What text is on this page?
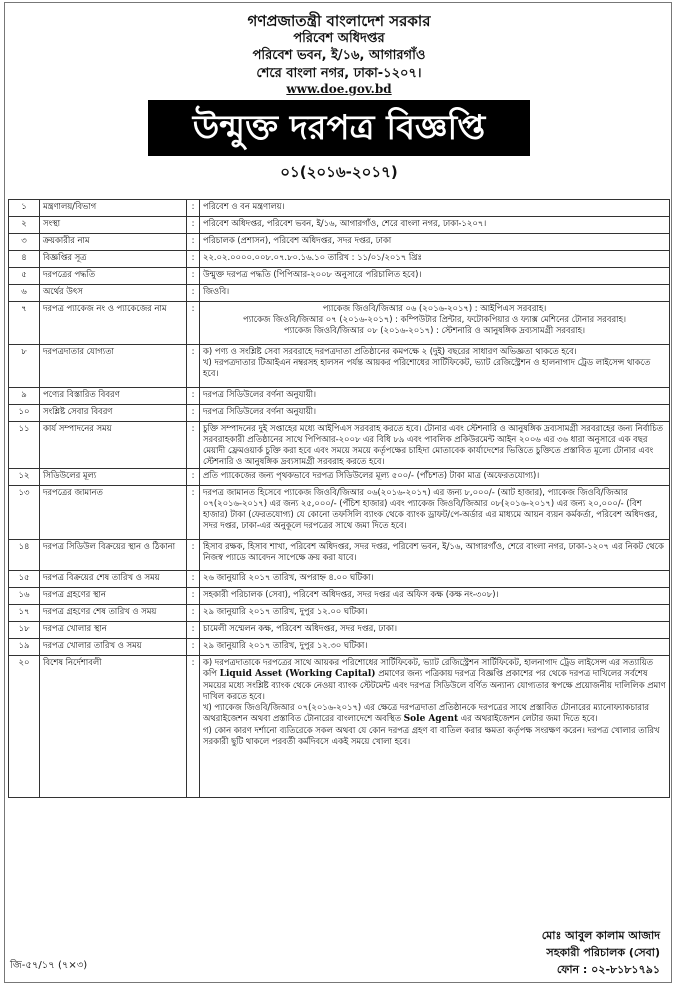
গণপ্রজাতন্ত্রী বাংলাদেশ সরকার
পরিবেশ অধিদপ্তর
পরিবেশ ভবন, ই/১৬, আগারগাঁও
শেরে বাংলা নগর, ঢাকা-১২০৭।
www.doe.gov.bd
উন্মুক্ত দরপত্র বিজ্ঞপ্তি
০১(২০১৬-২০১৭)
১	মন্ত্রণালয়/বিভাগ	:	পরিবেশ ও বন মন্ত্রণালয়।

২	সংস্থা	:	পরিবেশ অধিদপ্তর, পরিবেশ ভবন, ই/১৬, আগারগাঁও, শেরে বাংলা নগর, ঢাকা-১২০৭।

৩	ক্রয়কারীর নাম	:	পরিচালক (প্রশাসন), পরিবেশ অধিদপ্তর, সদর দপ্তর, ঢাকা

৪	বিজ্ঞপ্তির সূত্র	:	২২.০২.০০০০.০০৮.০৭.৮০.১৬.১০ তারিখ : ১১/০১/২০১৭ খ্রিঃ

৫	দরপত্রের পদ্ধতি	:	উন্মুক্ত দরপত্র পদ্ধতি (পিপিআর-২০০৮ অনুসারে পরিচালিত হবে)।

৬	অর্থের উৎস	:	জিওবি।

৭	দরপত্র প্যাকেজ নং ও প্যাকেজের নাম	:	প্যাকেজ জিওবি/জিআর ০৬ (২০১৬-২০১৭) : আইপিএস সরবরাহ।

প্যাকেজ জিওবি/জিআর ০৭ (২০১৬-২০১৭) : কম্পিউটার প্রিন্টার, ফটোকপিয়ার ও ফ্যাক্স মেশিনের টোনার সরবরাহ।

প্যাকেজ জিওবি/জিআর ০৮ (২০১৬-২০১৭) : স্টেশনারি ও আনুষঙ্গিক দ্রব্যসামগ্রী সরবরাহ।

৮	দরপত্রদাতার যোগ্যতা	:	ক) পণ্য ও সংশ্লিষ্ট সেবা সরবরাহে দরপত্রদাতা প্রতিষ্ঠানের কমপক্ষে ২ (দুই) বছরের সাধারণ অভিজ্ঞতা থাকতে হবে।

খ) দরপত্রদাতার টিআইএন নম্বরসহ হালসন পর্যন্ত আয়কর পরিশোধের সার্টিফিকেট, ভ্যাট রেজিস্ট্রেশন ও হালনাগাদ ট্রেড লাইসেন্স থাকতে হবে।

৯	পণ্যের বিস্তারিত বিবরণ	:	দরপত্র সিডিউলের বর্ণনা অনুযায়ী।

১০	সংশ্লিষ্ট সেবার বিবরণ	:	দরপত্র সিডিউলের বর্ণনা অনুযায়ী।

১১	কার্য সম্পাদনের সময়	:	চুক্তি সম্পাদনের দুই সপ্তাহের মধ্যে আইপিএস সরবরাহ করতে হবে। টোনার এবং স্টেশনারি ও আনুষঙ্গিক দ্রব্যসামগ্রী সরবরাহের জন্য নির্বাচিত সরবরাহকারী প্রতিষ্ঠানের সাথে পিপিআর-২০০৮ এর বিধি ৮৯ এবং পাবলিক প্রকিউরমেন্ট আইন ২০০৬ এর ৩৬ ধারা অনুসারে এক বছর মেয়াদী ফ্রেমওয়ার্ক চুক্তি করা হবে এবং সময়ে সময়ে কর্তৃপক্ষের চাহিদা মোতাবেক কার্যাদেশের ভিত্তিতে চুক্তিতে প্রস্তাবিত মূল্যে টোনার এবং স্টেশনারি ও আনুষঙ্গিক দ্রব্যসামগ্রী সরবরাহ করতে হবে।

১২	সিডিউলের মূল্য	:	প্রতি প্যাকেজের জন্য পৃথকভাবে দরপত্র সিডিউলের মূল্য ৫০০/- (পাঁচশত) টাকা মাত্র (অফেরতযোগ্য)।

১৩	দরপত্রের জামানত	:	দরপত্র জামানত হিসেবে প্যাকেজ জিওবি/জিআর ০৬(২০১৬-২০১৭) এর জন্য ৮,০০০/- (আট হাজার), প্যাকেজ জিওবি/জিআর ০৭(২০১৬-২০১৭) এর জন্য ২৫,০০০/- (পঁচিশ হাজার) এবং প্যাকেজ জিওবি/জিআর ০৮(২০১৬-২০১৭) এর জন্য ২০,০০০/- (বিশ হাজার) টাকা (ফেরতযোগ্য) যে কোনো তফসিলি ব্যাংক থেকে ব্যাংক ড্রাফট/পে-অর্ডার এর মাধ্যমে আয়ন ব্যয়ন কর্মকর্তা, পরিবেশ অধিদপ্তর, সদর দপ্তর, ঢাকা-এর অনুকূলে দরপত্রের সাথে জমা দিতে হবে।

১৪	দরপত্র সিডিউল বিক্রয়ের স্থান ও ঠিকানা	:	হিসাব রক্ষক, হিসাব শাখা, পরিবেশ অধিদপ্তর, সদর দপ্তর, পরিবেশ ভবন, ই/১৬, আগারগাঁও, শেরে বাংলা নগর, ঢাকা-১২০৭ এর নিকট থেকে নিজস্ব প্যাডে আবেদন সাপেক্ষে ক্রয় করা যাবে।

১৫	দরপত্র বিক্রয়ের শেষ তারিখ ও সময়	:	২৬ জানুয়ারি ২০১৭ তারিখ, অপরাহ্ন ৪.০০ ঘটিকা।

১৬	দরপত্র গ্রহণের স্থান	:	সহকারী পরিচালক (সেবা), পরিবেশ অধিদপ্তর, সদর দপ্তর এর অফিস কক্ষ (কক্ষ নং-৩০৮)।

১৭	দরপত্র গ্রহণের শেষ তারিখ ও সময়	:	২৯ জানুয়ারি ২০১৭ তারিখ, দুপুর ১২.০০ ঘটিকা।

১৮	দরপত্র খোলার স্থান	:	চামেলী সম্মেলন কক্ষ, পরিবেশ অধিদপ্তর, সদর দপ্তর, ঢাকা।

১৯	দরপত্র খোলার তারিখ ও সময়	:	২৯ জানুয়ারি ২০১৭ তারিখ, দুপুর ১২.৩০ ঘটিকা।

২০	বিশেষ নির্দেশাবলী	:	ক) দরপত্রদাতাকে দরপত্রের সাথে আয়কর পরিশোধের সার্টিফিকেট, ভ্যাট রেজিস্ট্রেশন সার্টিফিকেট, হালনাগাদ ট্রেড লাইসেন্স এর সত্যায়িত কপি Liquid Asset (Working Capital) প্রমাণের জন্য পত্রিকায় দরপত্র বিজ্ঞপ্তি প্রকাশের পর থেকে দরপত্র দাখিলের সর্বশেষ সময়ের মধ্যে সংশ্লিষ্ট ব্যাংক থেকে নেওয়া ব্যাংক স্টেটমেন্ট এবং দরপত্র সিডিউলে বর্ণিত অন্যান্য যোগ্যতার স্বপক্ষে প্রয়োজনীয় দালিলিক প্রমাণ দাখিল করতে হবে।

খ) প্যাকেজ জিওবি/জিআর ০৭(২০১৬-২০১৭) এর ক্ষেত্রে দরপত্রদাতা প্রতিষ্ঠানকে দরপত্রের সাথে প্রস্তাবিত টোনারের ম্যানোফ্যাকচারার অথরাইজেশন অথবা প্রস্তাবিত টোনারের বাংলাদেশে অবস্থিত Sole Agent এর অথরাইজেশন লেটার জমা দিতে হবে।

গ) কোন কারণ দর্শানো ব্যতিরেকে সকল অথবা যে কোন দরপত্র গ্রহণ বা বাতিল করার ক্ষমতা কর্তৃপক্ষ সংরক্ষণ করেন। দরপত্র খোলার তারিখ সরকারী ছুটি থাকলে পরবর্তী কর্মদিবসে একই সময়ে খোলা হবে।

মোঃ আবুল কালাম আজাদ
সহকারী পরিচালক (সেবা)
ফোন : ০২-৮১৮১৭৯১
জি-৫৭/১৭ (৭×৩)
